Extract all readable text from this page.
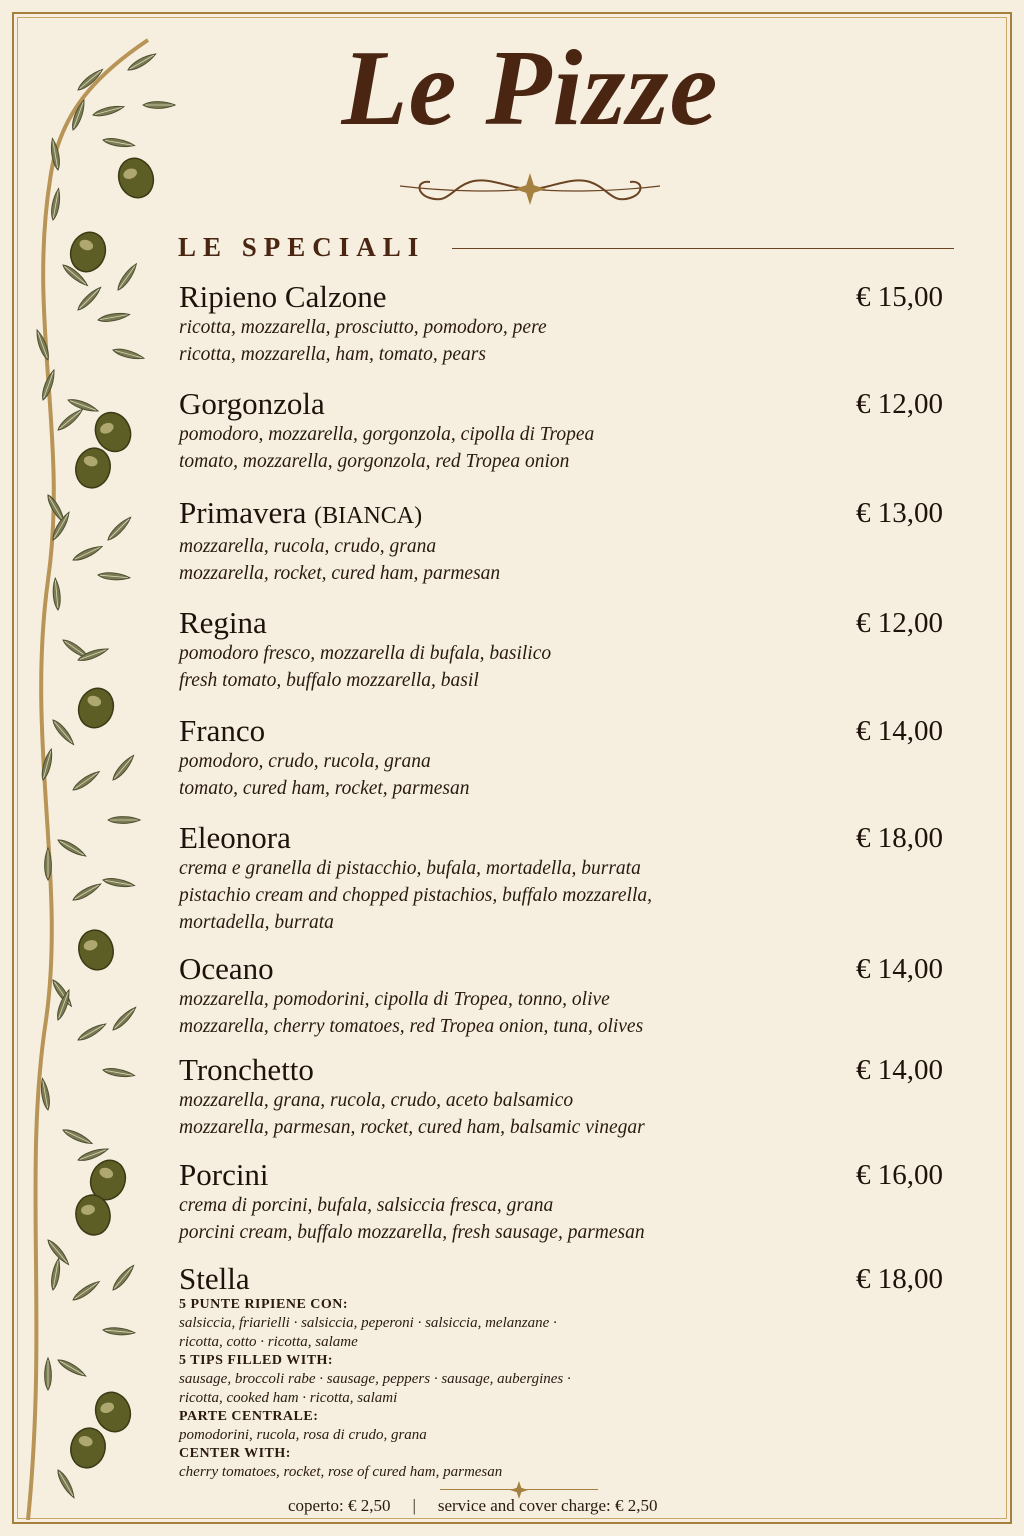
Le Pizze
LE SPECIALI
Ripieno Calzone	€ 15,00
ricotta, mozzarella, prosciutto, pomodoro, pere
ricotta, mozzarella, ham, tomato, pears
Gorgonzola	€ 12,00
pomodoro, mozzarella, gorgonzola, cipolla di Tropea
tomato, mozzarella, gorgonzola, red Tropea onion
Primavera (BIANCA)	€ 13,00
mozzarella, rucola, crudo, grana
mozzarella, rocket, cured ham, parmesan
Regina	€ 12,00
pomodoro fresco, mozzarella di bufala, basilico
fresh tomato, buffalo mozzarella, basil
Franco	€ 14,00
pomodoro, crudo, rucola, grana
tomato, cured ham, rocket, parmesan
Eleonora	€ 18,00
crema e granella di pistacchio, bufala, mortadella, burrata
pistachio cream and chopped pistachios, buffalo mozzarella,
mortadella, burrata
Oceano	€ 14,00
mozzarella, pomodorini, cipolla di Tropea, tonno, olive
mozzarella, cherry tomatoes, red Tropea onion, tuna, olives
Tronchetto	€ 14,00
mozzarella, grana, rucola, crudo, aceto balsamico
mozzarella, parmesan, rocket, cured ham, balsamic vinegar
Porcini	€ 16,00
crema di porcini, bufala, salsiccia fresca, grana
porcini cream, buffalo mozzarella, fresh sausage, parmesan
Stella	€ 18,00
5 PUNTE RIPIENE CON:
salsiccia, friarielli · salsiccia, peperoni · salsiccia, melanzane ·
ricotta, cotto · ricotta, salame
5 TIPS FILLED WITH:
sausage, broccoli rabe · sausage, peppers · sausage, aubergines ·
ricotta, cooked ham · ricotta, salami
PARTE CENTRALE:
pomodorini, rucola, rosa di crudo, grana
CENTER WITH:
cherry tomatoes, rocket, rose of cured ham, parmesan
coperto: € 2,50 | service and cover charge: € 2,50
